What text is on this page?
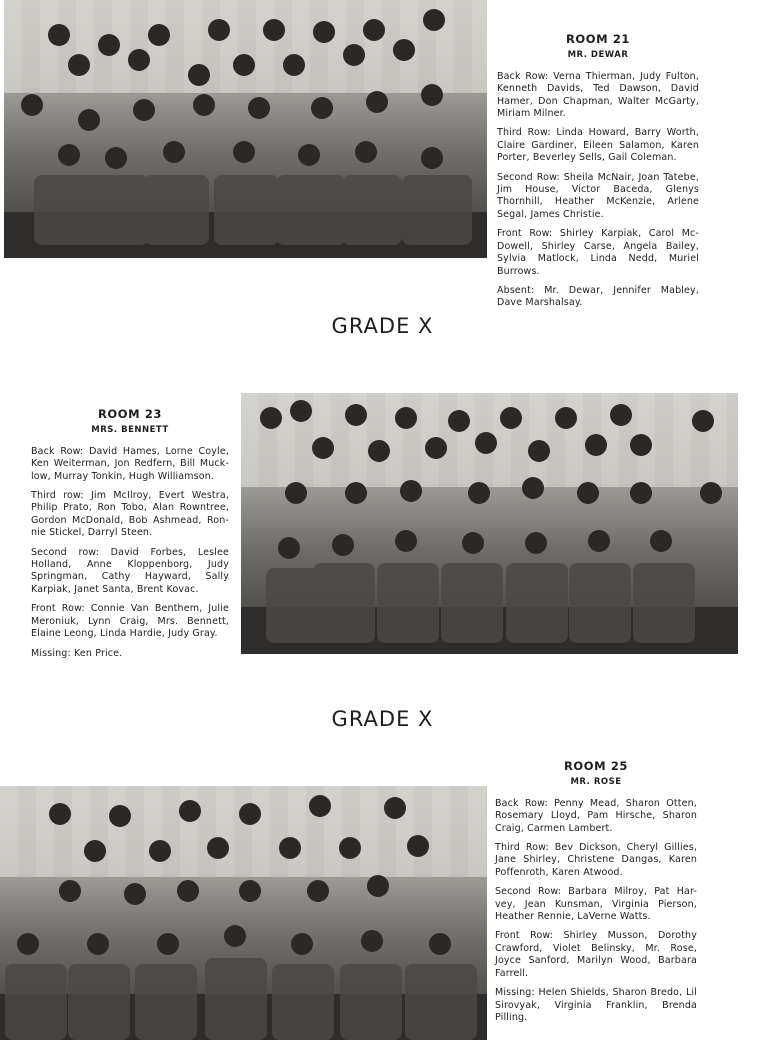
ROOM 21
MR. DEWAR

Back Row: Verna Thierman, Judy Fulton, Kenneth Davids, Ted Dawson, David Hamer, Don Chapman, Walter McGarty, Miriam Milner.

Third Row: Linda Howard, Barry Worth, Claire Gardiner, Eileen Salamon, Karen Porter, Beverley Sells, Gail Coleman.

Second Row: Sheila McNair, Joan Tatebe, Jim House, Victor Baceda, Glenys Thornhill, Heather McKenzie, Arlene Segal, James Christie.

Front Row: Shirley Karpiak, Carol Mc-Dowell, Shirley Carse, Angela Bailey, Sylvia Matlock, Linda Nedd, Muriel Burrows.

Absent: Mr. Dewar, Jennifer Mabley, Dave Marshalsay.

GRADE X
ROOM 23
MRS. BENNETT

Back Row: David Hames, Lorne Coyle, Ken Weiterman, Jon Redfern, Bill Muck-low, Murray Tonkin, Hugh Williamson.

Third row: Jim McIlroy, Evert Westra, Philip Prato, Ron Tobo, Alan Rowntree, Gordon McDonald, Bob Ashmead, Ron-nie Stickel, Darryl Steen.

Second row: David Forbes, Leslee Holland, Anne Kloppenborg, Judy Springman, Cathy Hayward, Sally Karpiak, Janet Santa, Brent Kovac.

Front Row: Connie Van Benthem, Julie Meroniuk, Lynn Craig, Mrs. Bennett, Elaine Leong, Linda Hardie, Judy Gray.

Missing: Ken Price.

GRADE X
ROOM 25
MR. ROSE

Back Row: Penny Mead, Sharon Otten, Rosemary Lloyd, Pam Hirsche, Sharon Craig, Carmen Lambert.

Third Row: Bev Dickson, Cheryl Gillies, Jane Shirley, Christene Dangas, Karen Poffenroth, Karen Atwood.

Second Row: Barbara Milroy, Pat Har-vey, Jean Kunsman, Virginia Pierson, Heather Rennie, LaVerne Watts.

Front Row: Shirley Musson, Dorothy Crawford, Violet Belinsky, Mr. Rose, Joyce Sanford, Marilyn Wood, Barbara Farrell.

Missing: Helen Shields, Sharon Bredo, Lil Sirovyak, Virginia Franklin, Brenda Pilling.
